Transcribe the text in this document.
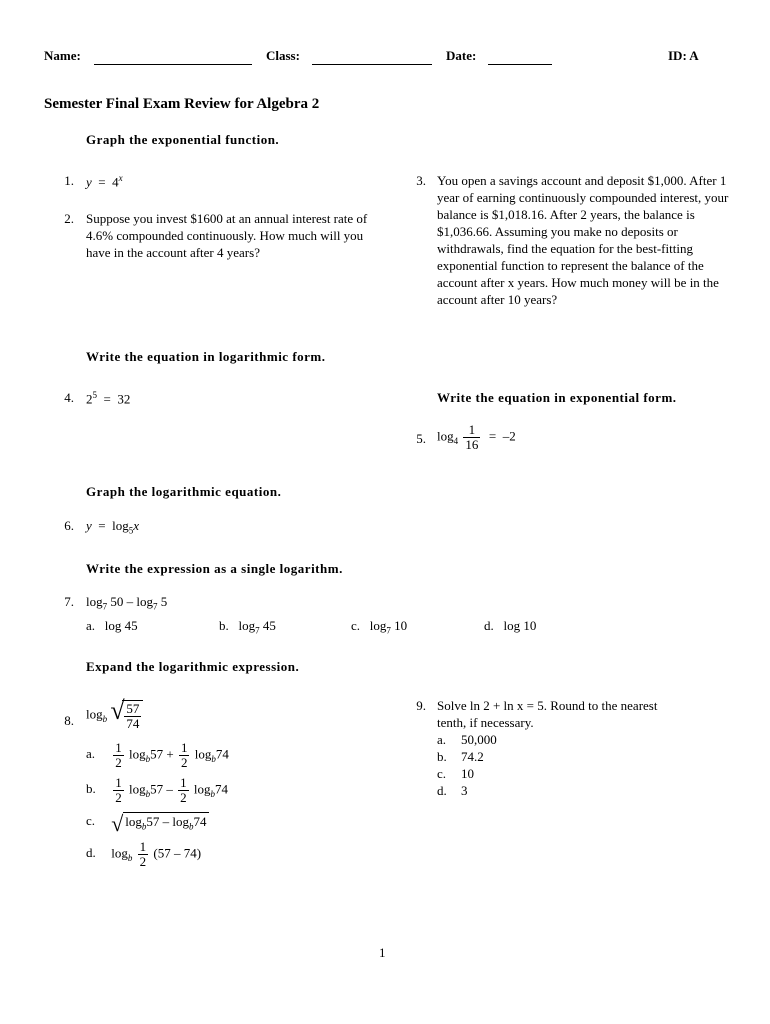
Name:	Class:	Date:	ID: A
Semester Final Exam Review for Algebra 2
Graph the exponential function.
1. $y = 4^x$
2. Suppose you invest $1600 at an annual interest rate of 4.6% compounded continuously. How much will you have in the account after 4 years?
3. You open a savings account and deposit $1,000. After 1 year of earning continuously compounded interest, your balance is $1,018.16. After 2 years, the balance is $1,036.66. Assuming you make no deposits or withdrawals, find the equation for the best-fitting exponential function to represent the balance of the account after x years. How much money will be in the account after 10 years?
Write the equation in logarithmic form.
4. $2^5 = 32$	Write the equation in exponential form.
5. $\log_4 \frac{1}{16} = -2$
Graph the logarithmic equation.
6. $y = \log_5x$
Write the expression as a single logarithm.
7. $\log_7 50 - \log_7 5$
a. log 45	b. $\log_7 45$	c. $\log_7 10$	d. log 10
Expand the logarithmic expression.
8. $\log_b$ √ $\frac{57}{74}$
a. $\frac{1}{2} \log_b57 + \frac{1}{2} \log_b74$
b. $\frac{1}{2} \log_b57 - \frac{1}{2} \log_b74$
c. √ $\log_b57 - \log_b74$
d. $\log_b \frac{1}{2} (57 - 74)$
9. Solve ln 2 + ln x = 5. Round to the nearest
tenth, if necessary.
a. 50,000
b. 74.2
c. 10
d. 3
1
